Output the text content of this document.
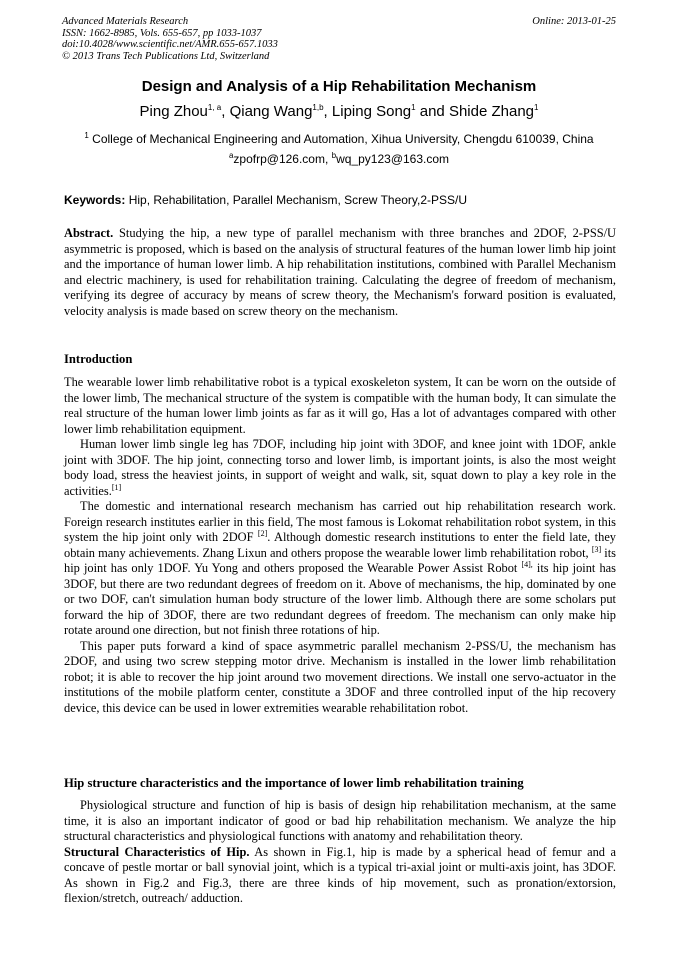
Advanced Materials Research
ISSN: 1662-8985, Vols. 655-657, pp 1033-1037
doi:10.4028/www.scientific.net/AMR.655-657.1033
© 2013 Trans Tech Publications Ltd, Switzerland
Online: 2013-01-25
Design and Analysis of a Hip Rehabilitation Mechanism
Ping Zhou$^{1, a}$, Qiang Wang$^{1,b}$, Liping Song$^1$ and Shide Zhang$^1$
$^1$ College of Mechanical Engineering and Automation, Xihua University, Chengdu 610039, China
$^a$zpofrp@126.com, $^b$wq_py123@163.com
Keywords: Hip, Rehabilitation, Parallel Mechanism, Screw Theory,2-PSS/U

Abstract. Studying the hip, a new type of parallel mechanism with three branches and 2DOF, 2-PSS/U asymmetric is proposed, which is based on the analysis of structural features of the human lower limb hip joint and the importance of human lower limb. A hip rehabilitation institutions, combined with Parallel Mechanism and electric machinery, is used for rehabilitation training. Calculating the degree of freedom of mechanism, verifying its degree of accuracy by means of screw theory, the Mechanism's forward position is evaluated, velocity analysis is made based on screw theory on the mechanism.

Introduction

The wearable lower limb rehabilitative robot is a typical exoskeleton system, It can be worn on the outside of the lower limb, The mechanical structure of the system is compatible with the human body, It can simulate the real structure of the human lower limb joints as far as it will go, Has a lot of advantages compared with other lower limb rehabilitation equipment.

Human lower limb single leg has 7DOF, including hip joint with 3DOF, and knee joint with 1DOF, ankle joint with 3DOF. The hip joint, connecting torso and lower limb, is important joints, is also the most weight body load, stress the heaviest joints, in support of weight and walk, sit, squat down to play a key role in the activities.[1]

The domestic and international research mechanism has carried out hip rehabilitation research work. Foreign research institutes earlier in this field, The most famous is Lokomat rehabilitation robot system, in this system the hip joint only with 2DOF [2]. Although domestic research institutions to enter the field late, they obtain many achievements. Zhang Lixun and others propose the wearable lower limb rehabilitation robot, [3] its hip joint has only 1DOF. Yu Yong and others proposed the Wearable Power Assist Robot $^{[4],}$ its hip joint has 3DOF, but there are two redundant degrees of freedom on it. Above of mechanisms, the hip, dominated by one or two DOF, can't simulation human body structure of the lower limb. Although there are some scholars put forward the hip of 3DOF, there are two redundant degrees of freedom. The mechanism can only make hip rotate around one direction, but not finish three rotations of hip.

This paper puts forward a kind of space asymmetric parallel mechanism 2-PSS/U, the mechanism has 2DOF, and using two screw stepping motor drive. Mechanism is installed in the lower limb rehabilitation robot; it is able to recover the hip joint around two movement directions. We install one servo-actuator in the institutions of the mobile platform center, constitute a 3DOF and three controlled input of the hip recovery device, this device can be used in lower extremities wearable rehabilitation robot.

Hip structure characteristics and the importance of lower limb rehabilitation training

Physiological structure and function of hip is basis of design hip rehabilitation mechanism, at the same time, it is also an important indicator of good or bad hip rehabilitation mechanism. We analyze the hip structural characteristics and physiological functions with anatomy and rehabilitation theory.

Structural Characteristics of Hip. As shown in Fig.1, hip is made by a spherical head of femur and a concave of pestle mortar or ball synovial joint, which is a typical tri-axial joint or multi-axis joint, has 3DOF. As shown in Fig.2 and Fig.3, there are three kinds of hip movement, such as pronation/extorsion, flexion/stretch, outreach/ adduction.
